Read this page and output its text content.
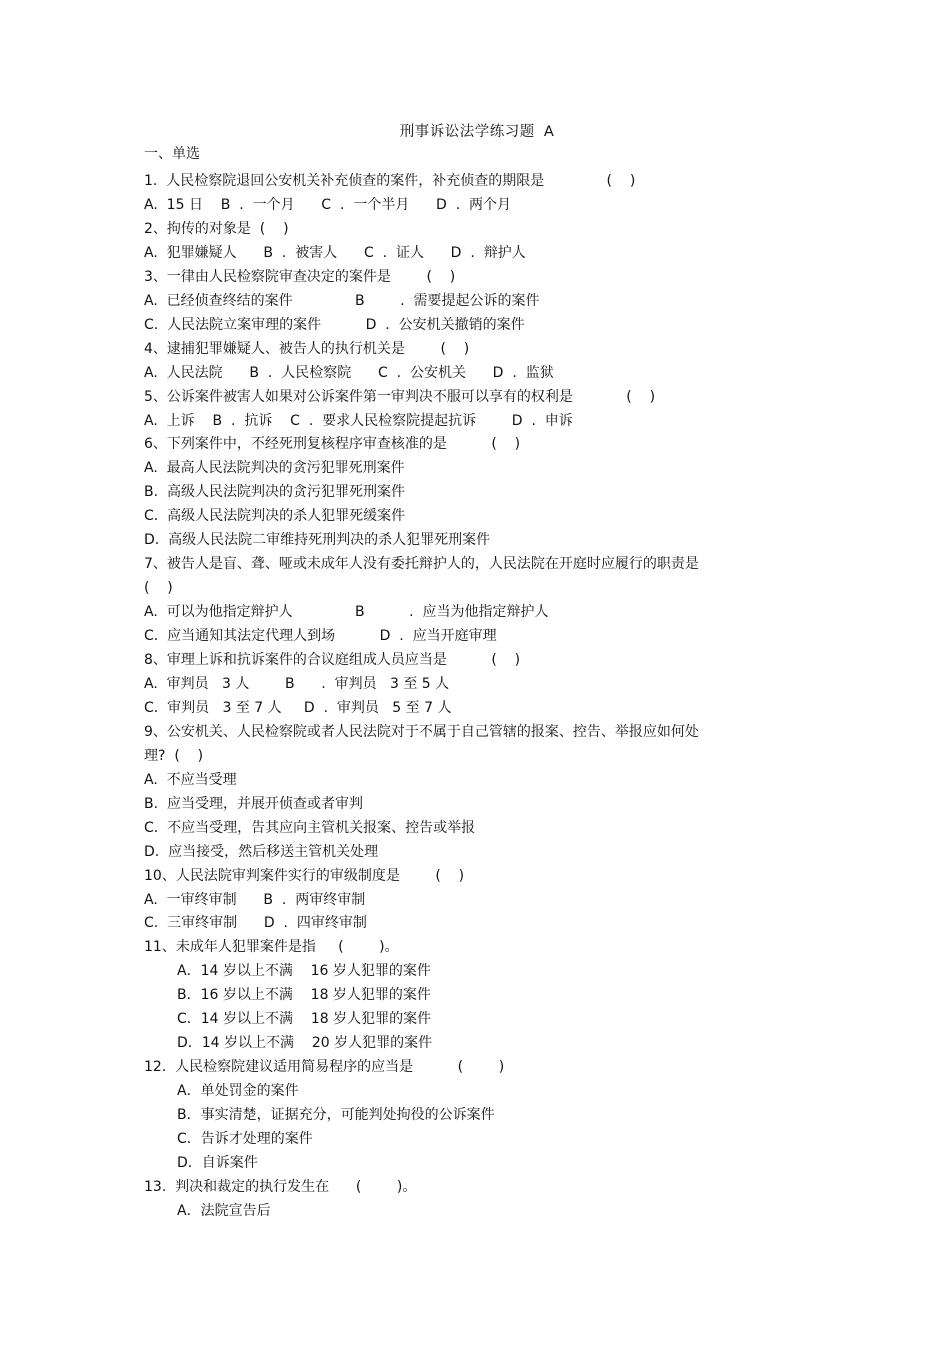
刑事诉讼法学练习题 A
一、单选
1.  人民检察院退回公安机关补充侦查的案件，补充侦查的期限是              (    )
A.  15 日    B  .  一个月      C  .  一个半月      D  .  两个月
2、拘传的对象是  (    )
A.  犯罪嫌疑人      B  .  被害人      C  .  证人      D  .  辩护人
3、一律由人民检察院审查决定的案件是        (    )
A.  已经侦查终结的案件              B        .  需要提起公诉的案件
C.  人民法院立案审理的案件          D  .  公安机关撤销的案件
4、逮捕犯罪嫌疑人、被告人的执行机关是        (    )
A.  人民法院      B  .  人民检察院      C  .  公安机关      D  .  监狱
5、公诉案件被害人如果对公诉案件第一审判决不服可以享有的权利是            (    )
A.  上诉    B  .  抗诉    C  .  要求人民检察院提起抗诉        D  .  申诉
6、下列案件中，不经死刑复核程序审查核准的是          (    )
A.  最高人民法院判决的贪污犯罪死刑案件
B.  高级人民法院判决的贪污犯罪死刑案件
C.  高级人民法院判决的杀人犯罪死缓案件
D.  高级人民法院二审维持死刑判决的杀人犯罪死刑案件
7、被告人是盲、聋、哑或未成年人没有委托辩护人的，人民法院在开庭时应履行的职责是
(    )
A.  可以为他指定辩护人              B          .  应当为他指定辩护人
C.  应当通知其法定代理人到场          D  .  应当开庭审理
8、审理上诉和抗诉案件的合议庭组成人员应当是          (    )
A.  审判员   3 人        B      .  审判员   3 至 5 人
C.  审判员   3 至 7 人     D  .  审判员   5 至 7 人
9、公安机关、人民检察院或者人民法院对于不属于自己管辖的报案、控告、举报应如何处
理?  (    )
A.  不应当受理
B.  应当受理，并展开侦查或者审判
C.  不应当受理，告其应向主管机关报案、控告或举报
D.  应当接受，然后移送主管机关处理
10、人民法院审判案件实行的审级制度是        (    )
A.  一审终审制      B  .  两审终审制
C.  三审终审制      D  .  四审终审制
11、未成年人犯罪案件是指     (        )。
A．14 岁以上不满    16 岁人犯罪的案件
B．16 岁以上不满    18 岁人犯罪的案件
C．14 岁以上不满    18 岁人犯罪的案件
D．14 岁以上不满    20 岁人犯罪的案件
12.  人民检察院建议适用简易程序的应当是          (        )
A．单处罚金的案件
B．事实清楚，证据充分，可能判处拘役的公诉案件
C．告诉才处理的案件
D．自诉案件
13.  判决和裁定的执行发生在      (        )。
A．法院宣告后
